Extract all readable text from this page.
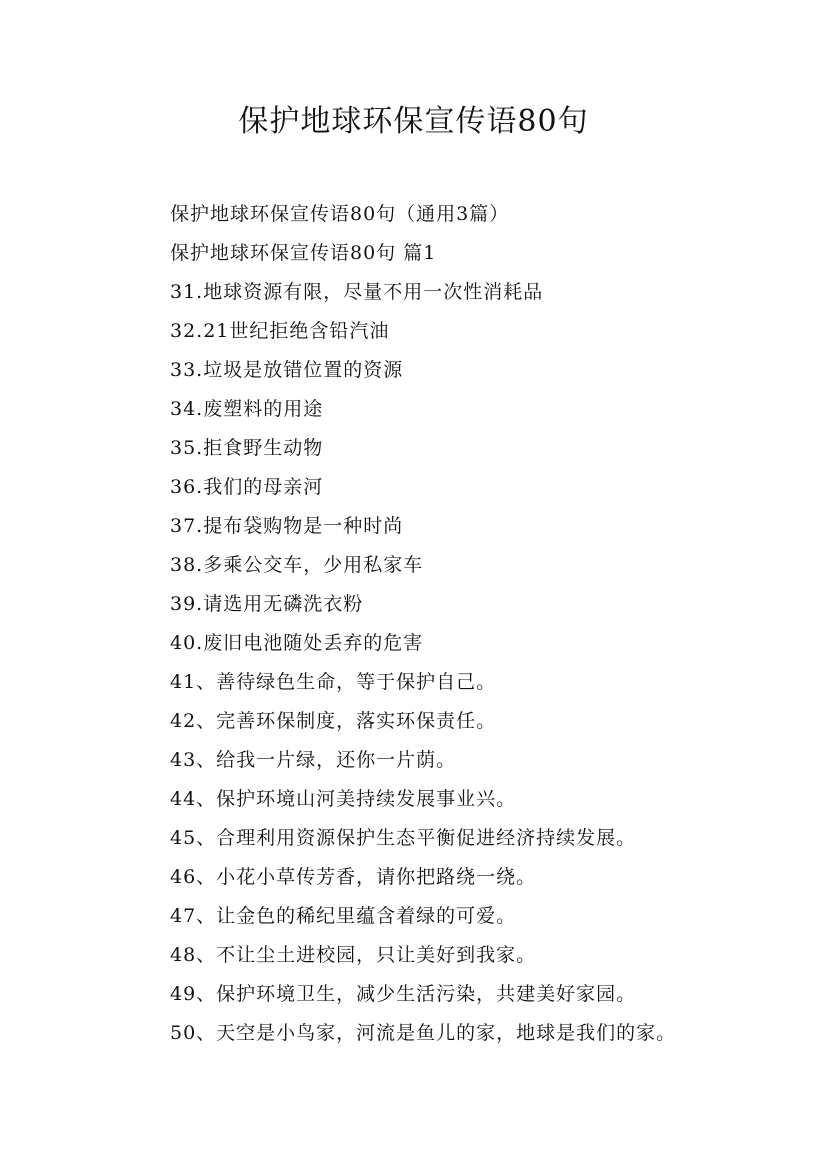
保护地球环保宣传语80句
保护地球环保宣传语80句（通用3篇）
保护地球环保宣传语80句 篇1
31.地球资源有限，尽量不用一次性消耗品
32.21世纪拒绝含铅汽油
33.垃圾是放错位置的资源
34.废塑料的用途
35.拒食野生动物
36.我们的母亲河
37.提布袋购物是一种时尚
38.多乘公交车，少用私家车
39.请选用无磷洗衣粉
40.废旧电池随处丢弃的危害
41、善待绿色生命，等于保护自己。
42、完善环保制度，落实环保责任。
43、给我一片绿，还你一片荫。
44、保护环境山河美持续发展事业兴。
45、合理利用资源保护生态平衡促进经济持续发展。
46、小花小草传芳香，请你把路绕一绕。
47、让金色的稀纪里蕴含着绿的可爱。
48、不让尘土进校园，只让美好到我家。
49、保护环境卫生，减少生活污染，共建美好家园。
50、天空是小鸟家，河流是鱼儿的家，地球是我们的家。
